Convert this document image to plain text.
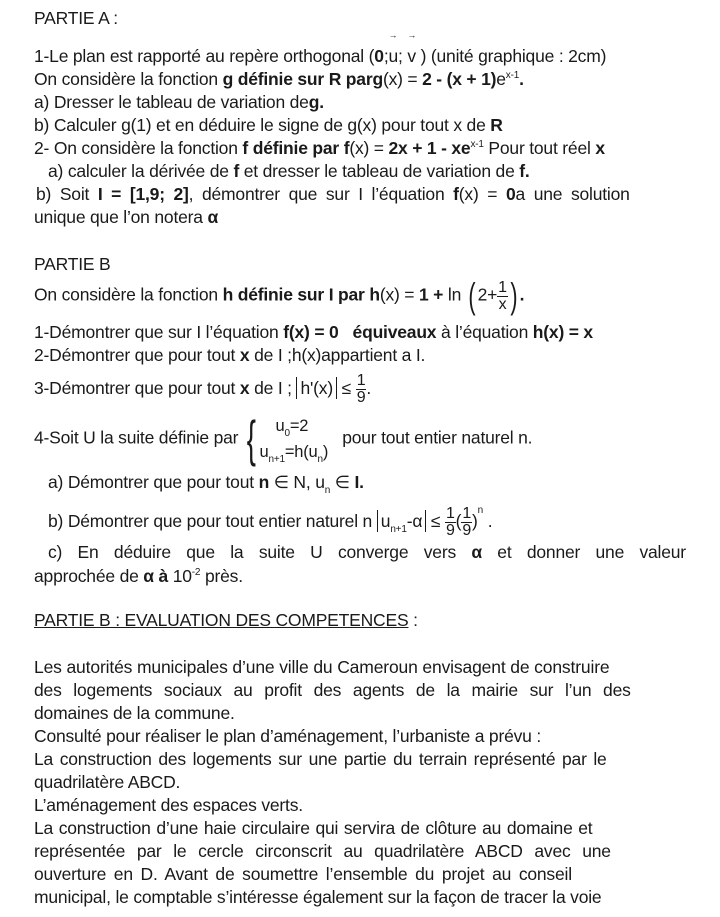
PARTIE A :
1-Le plan est rapporté au repère orthogonal (0;→ u; → v ) (unité graphique : 2cm)
On considère la fonction g définie sur R parg(x) = $2 - (x + 1)e^{x-1}$.
a) Dresser le tableau de variation deg.
b) Calculer g(1) et en déduire le signe de g(x) pour tout x de R
2- On considère la fonction f définie par $f(x) = 2x + 1 - xe^{x-1}$ Pour tout réel x
a) calculer la dérivée de f et dresser le tableau de variation de f.
b) Soit I = [1,9; 2], démontrer que sur I l’équation f(x) = 0a une solution
unique que l’on notera α
PARTIE B
On considère la fonction h définie sur I par h(x) = 1 + ln ( $2+ \frac{1}{x}$ ) .
1-Démontrer que sur I l’équation f(x) = 0 équiveaux à l’équation h(x) = x
2-Démontrer que pour tout x de I ;h(x)appartient a I.
3-Démontrer que pour tout x de I ; $h'(x) \le \frac{1}{9}$ .
4-Soit U la suite définie par {	$u_0=2$
$u_{n+1}=h(u_n)$
pour tout entier naturel n.
a) Démontrer que pour tout n ∈ N, $u_n$ ∈ I.
b) Démontrer que pour tout entier naturel n $u_{n+1}-\alpha \le \frac{1}{9}$ ( $\frac{1}{9} )^n$ .
c) En déduire que la suite U converge vers α et donner une valeur
approchée de α à $10^{-2}$ près.
PARTIE B : EVALUATION DES COMPETENCES :
Les autorités municipales d’une ville du Cameroun envisagent de construire
des logements sociaux au profit des agents de la mairie sur l’un des
domaines de la commune.
Consulté pour réaliser le plan d’aménagement, l’urbaniste a prévu :
La construction des logements sur une partie du terrain représenté par le
quadrilatère ABCD.
L’aménagement des espaces verts.
La construction d’une haie circulaire qui servira de clôture au domaine et
représentée par le cercle circonscrit au quadrilatère ABCD avec une
ouverture en D. Avant de soumettre l’ensemble du projet au conseil
municipal, le comptable s’intéresse également sur la façon de tracer la voie
